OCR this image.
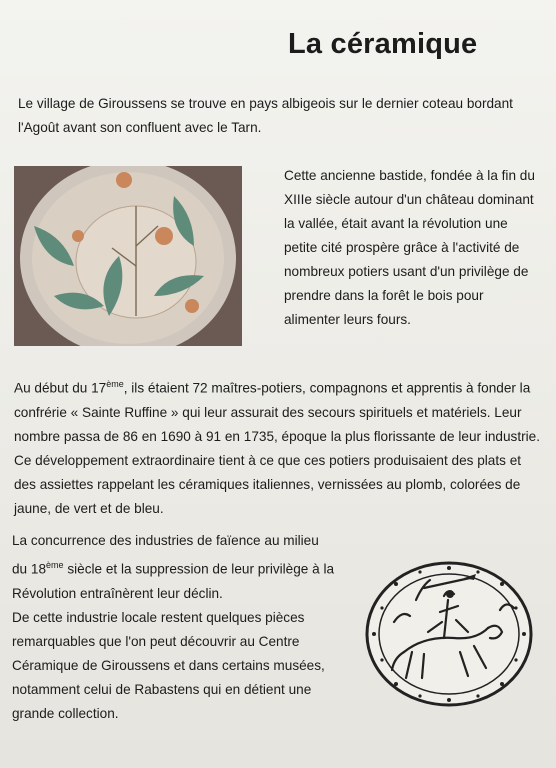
La céramique
Le village de Giroussens se trouve en pays albigeois sur le dernier coteau bordant
l'Agoût avant son confluent avec le Tarn.
Cette ancienne bastide, fondée à la fin du
XIIIe siècle autour d'un château dominant
la vallée, était avant la révolution une
petite cité prospère grâce à l'activité de
nombreux potiers usant d'un privilège de
prendre dans la forêt le bois pour
alimenter leurs fours.
Au début du 17ème, ils étaient 72 maîtres-potiers, compagnons et apprentis à fonder la
confrérie « Sainte Ruffine » qui leur assurait des secours spirituels et matériels. Leur
nombre passa de 86 en 1690 à 91 en 1735, époque la plus florissante de leur industrie.
Ce développement extraordinaire tient à ce que ces potiers produisaient des plats et
des assiettes rappelant les céramiques italiennes, vernissées au plomb, colorées de
jaune, de vert et de bleu.
La concurrence des industries de faïence au milieu
du 18ème siècle et la suppression de leur privilège à la
Révolution entraînèrent leur déclin.
De cette industrie locale restent quelques pièces
remarquables que l'on peut découvrir au Centre
Céramique de Giroussens et dans certains musées,
notamment celui de Rabastens qui en détient une
grande collection.
